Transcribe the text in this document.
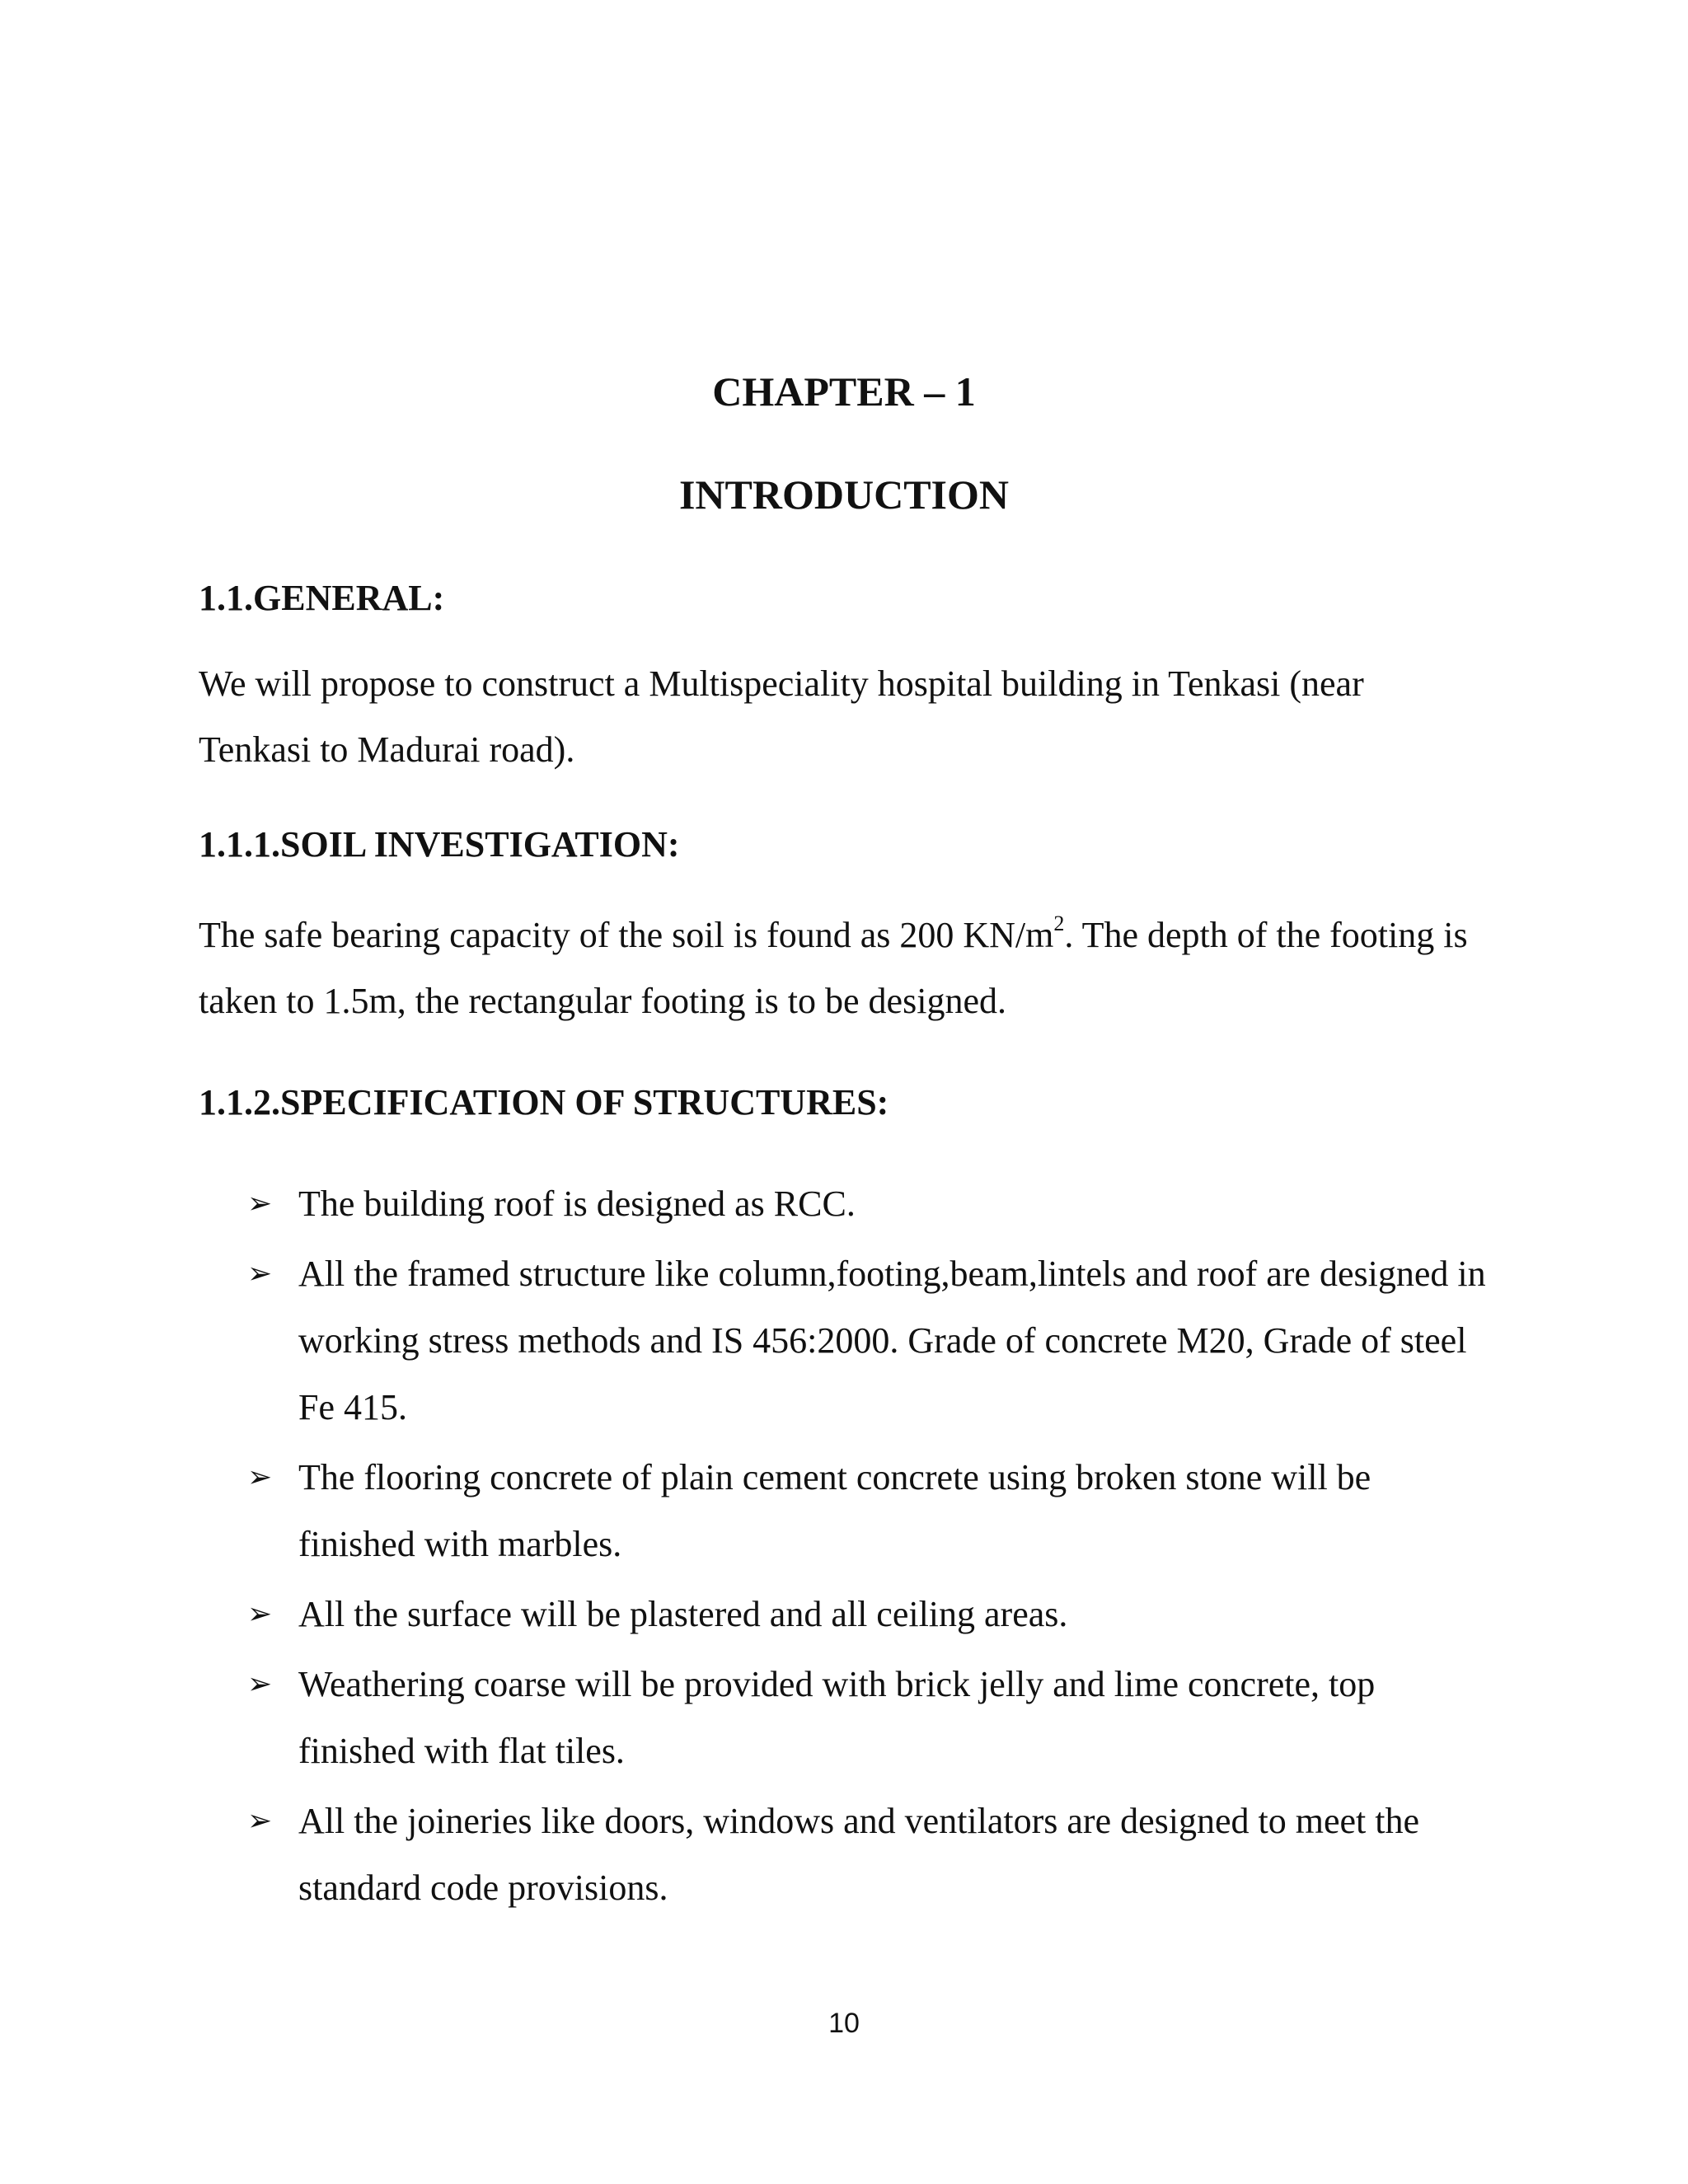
CHAPTER – 1
INTRODUCTION
1.1.GENERAL:
We will propose to construct a Multispeciality hospital building in Tenkasi (near Tenkasi to Madurai road).
1.1.1.SOIL INVESTIGATION:
The safe bearing capacity of the soil is found as 200 $KN/m^2$. The depth of the footing is taken to 1.5m, the rectangular footing is to be designed.
1.1.2.SPECIFICATION OF STRUCTURES:
➢ The building roof is designed as RCC.
➢ All the framed structure like column,footing,beam,lintels and roof are designed in working stress methods and IS 456:2000. Grade of concrete M20, Grade of steel Fe 415.
➢ The flooring concrete of plain cement concrete using broken stone will be finished with marbles.
➢ All the surface will be plastered and all ceiling areas.
➢ Weathering coarse will be provided with brick jelly and lime concrete, top finished with flat tiles.
➢ All the joineries like doors, windows and ventilators are designed to meet the standard code provisions.
10
